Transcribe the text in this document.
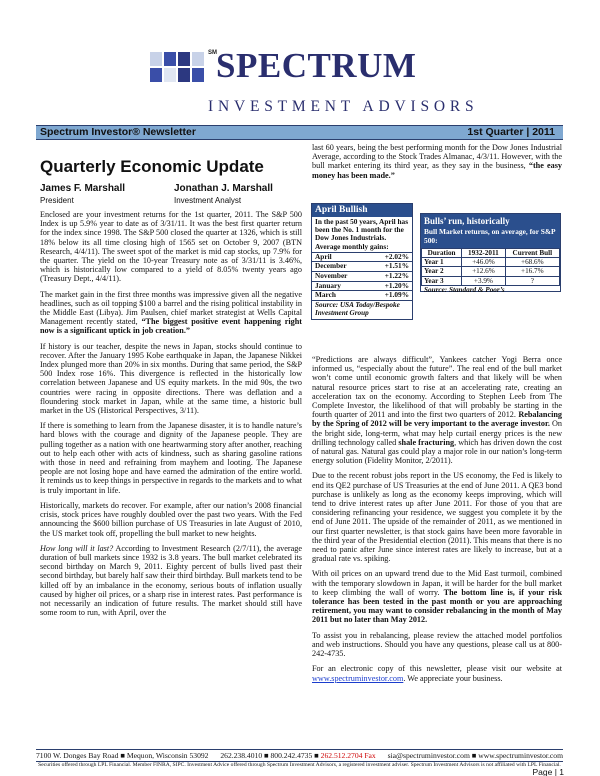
SM SPECTRUM
INVESTMENT ADVISORS
Spectrum Investor® Newsletter	1st Quarter | 2011
Quarterly Economic Update
James F. Marshall
President
Jonathan J. Marshall
Investment Analyst

Enclosed are your investment returns for the 1st quarter, 2011. The S&P 500 Index is up 5.9% year to date as of 3/31/11. It was the best first quarter return for the index since 1998. The S&P 500 closed the quarter at 1326, which is still 18% below its all time closing high of 1565 set on October 9, 2007 (BTN Research, 4/4/11). The sweet spot of the market is mid cap stocks, up 7.9% for the quarter. The yield on the 10-year Treasury note as of 3/31/11 is 3.46%, which is historically low compared to a yield of 8.05% twenty years ago (Treasury Dept., 4/4/11).

The market gain in the first three months was impressive given all the negative headlines, such as oil topping $100 a barrel and the rising political instability in the Middle East (Libya). Jim Paulsen, chief market strategist at Wells Capital Management recently stated, “The biggest positive event happening right now is a significant uptick in job creation.”

If history is our teacher, despite the news in Japan, stocks should continue to recover. After the January 1995 Kobe earthquake in Japan, the Japanese Nikkei Index plunged more than 20% in six months. During that same period, the S&P 500 Index rose 16%. This divergence is reflected in the historically low correlation between Japanese and US equity markets. In the mid 90s, the two countries were racing in opposite directions. There was deflation and a floundering stock market in Japan, while at the same time, a historic bull market in the US (Historical Perspectives, 3/11).

If there is something to learn from the Japanese disaster, it is to handle nature’s hard blows with the courage and dignity of the Japanese people. They are pulling together as a nation with one heartwarming story after another, reaching out to help each other with acts of kindness, such as sharing gasoline rations with those in need and refraining from mayhem and looting. The Japanese people are not losing hope and have earned the admiration of the entire world. It reminds us to keep things in perspective in regards to the markets and to what is truly important in life.

Historically, markets do recover. For example, after our nation’s 2008 financial crisis, stock prices have roughly doubled over the past two years. With the Fed announcing the $600 billion purchase of US Treasuries in late August of 2010, the US market took off, propelling the bull market to new heights.

How long will it last? According to Investment Research (2/7/11), the average duration of bull markets since 1932 is 3.8 years. The bull market celebrated its second birthday on March 9, 2011. Eighty percent of bulls lived past their second birthday, but barely half saw their third birthday. Bull markets tend to be killed off by an imbalance in the economy, serious bouts of inflation usually caused by higher oil prices, or a sharp rise in interest rates. Past performance is not necessarily an indication of future results. The market should still have some room to run, with April, over the

last 60 years, being the best performing month for the Dow Jones Industrial Average, according to the Stock Trades Almanac, 4/3/11. However, with the bull market entering its third year, as they say in the business, “the easy money has been made.”
April Bullish
In the past 50 years, April has been the No. 1 month for the Dow Jones Industrials. Average monthly gains:
April	+2.02%
December	+1.51%
November	+1.22%
January	+1.20%
March	+1.09%
Source: USA Today/Bespoke Investment Group
Bulls’ run, historically
Bull Market returns, on average, for S&P 500:
Duration	1932-2011	Current Bull
Year 1	+46.0%	+68.6%
Year 2	+12.6%	+16.7%
Year 3	+3.9%	?
Source: Standard & Poor’s

“Predictions are always difficult”, Yankees catcher Yogi Berra once informed us, “especially about the future”. The real end of the bull market won’t come until economic growth falters and that likely will be when natural resource prices start to rise at an accelerating rate, creating an acceleration tax on the economy. According to Stephen Leeb from The Complete Investor, the likelihood of that will probably be starting in the fourth quarter of 2011 and into the first two quarters of 2012. Rebalancing by the Spring of 2012 will be very important to the average investor. On the bright side, long-term, what may help curtail energy prices is the new drilling technology called shale fracturing, which has driven down the cost of natural gas. Natural gas could play a major role in our nation’s long-term energy solution (Fidelity Monitor, 2/2011).

Due to the recent robust jobs report in the US economy, the Fed is likely to end its QE2 purchase of US Treasuries at the end of June 2011. A QE3 bond purchase is unlikely as long as the economy keeps improving, which will tend to drive interest rates up after June 2011. For those of you that are considering refinancing your residence, we suggest you complete it by the end of June 2011. The upside of the remainder of 2011, as we mentioned in our first quarter newsletter, is that stock gains have been more favorable in the third year of the Presidential election (2011). This means that there is no need to panic after June since interest rates are likely to increase, but at a gradual rate vs. spiking.

With oil prices on an upward trend due to the Mid East turmoil, combined with the temporary slowdown in Japan, it will be harder for the bull market to keep climbing the wall of worry. The bottom line is, if your risk tolerance has been tested in the past month or you are approaching retirement, you may want to consider rebalancing in the month of May 2011 but no later than May 2012.

To assist you in rebalancing, please review the attached model portfolios and web instructions. Should you have any questions, please call us at 800-242-4735.

For an electronic copy of this newsletter, please visit our website at www.spectruminvestor.com. We appreciate your business.

7100 W. Donges Bay Road ■ Mequon, Wisconsin 53092 262.238.4010 ■ 800.242.4735 ■ 262.512.2704 Fax sia@spectruminvestor.com ■ www.spectruminvestor.com
Securities offered through LPL Financial. Member FINRA, SIPC. Investment Advice offered through Spectrum Investment Advisors, a registered investment adviser. Spectrum Investment Advisors is not affiliated with LPL Financial.
Page | 1
